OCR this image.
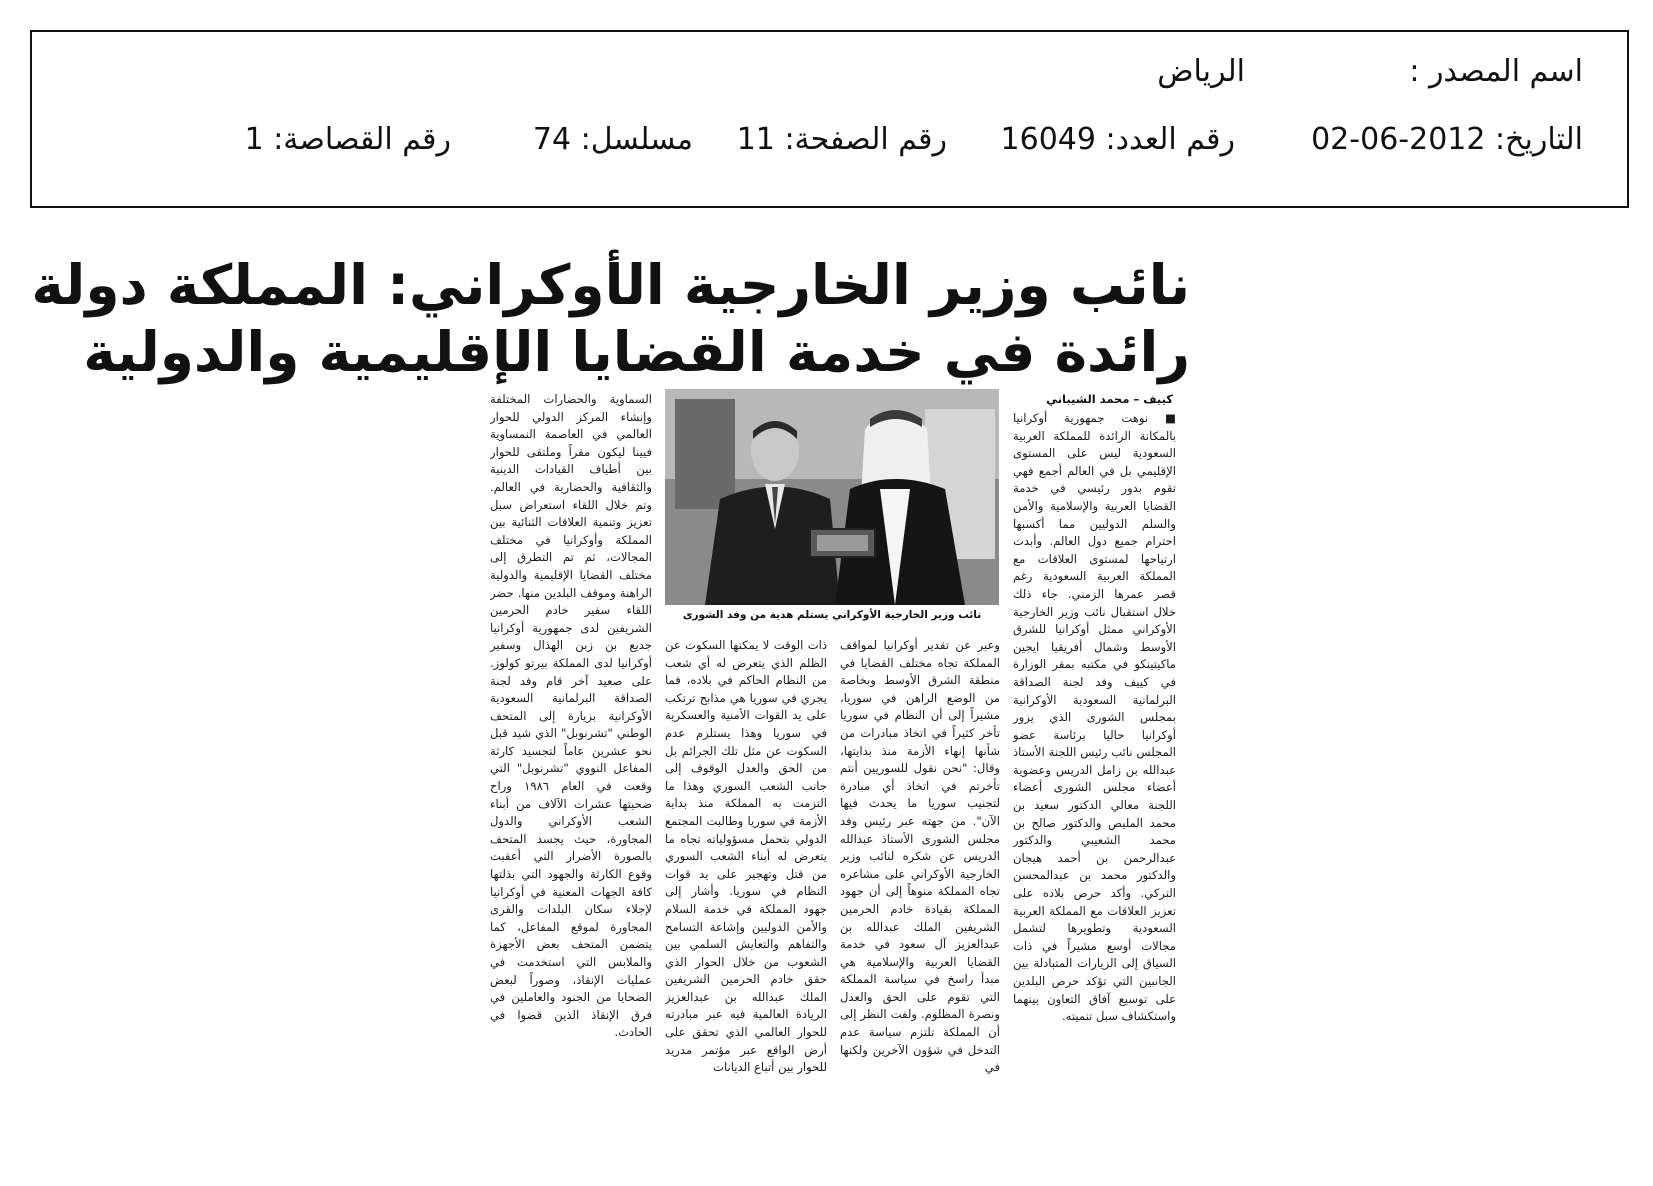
اسم المصدر :
الرياض
التاريخ: 2012-06-02
رقم العدد: 16049
رقم الصفحة: 11
مسلسل: 74
رقم القصاصة: 1
نائب وزير الخارجية الأوكراني: المملكة دولة
رائدة في خدمة القضايا الإقليمية والدولية
كييف – محمد الشيباني

■ نوهت جمهورية أوكرانيا بالمكانة الرائدة للمملكة العربية السعودية ليس على المستوى الإقليمي بل في العالم أجمع فهي تقوم بدور رئيسي في خدمة القضايا العربية والإسلامية والأمن والسلم الدوليين مما أكسبها احترام جميع دول العالم. وأبدت ارتياحها لمستوى العلاقات مع المملكة العربية السعودية رغم قصر عمرها الزمني. جاء ذلك خلال استقبال نائب وزير الخارجية الأوكراني ممثل أوكرانيا للشرق الأوسط وشمال أفريقيا ايجين ماكيتينكو في مكتبه بمقر الوزارة في كييف وفد لجنة الصداقة البرلمانية السعودية الأوكرانية بمجلس الشورى الذي يزور أوكرانيا حاليا برئاسة عضو المجلس نائب رئيس اللجنة الأستاذ عبدالله بن زامل الدريس وعضوية أعضاء مجلس الشورى أعضاء اللجنة معالي الدكتور سعيد بن محمد المليص والدكتور صالح بن محمد الشعيبي والدكتور عبدالرحمن بن أحمد هيجان والدكتور محمد بن عبدالمحسن التركي. وأكد حرص بلاده على تعزيز العلاقات مع المملكة العربية السعودية وتطويرها لتشمل مجالات أوسع مشيراً في ذات السياق إلى الزيارات المتبادلة بين الجانبين التي تؤكد حرص البلدين على توسيع آفاق التعاون بينهما واستكشاف سبل تنميته.

وعبر عن تقدير أوكرانيا لمواقف المملكة تجاه مختلف القضايا في منطقة الشرق الأوسط وبخاصة من الوضع الراهن في سوريا، مشيراً إلى أن النظام في سوريا تأخر كثيراً في اتخاذ مبادرات من شأنها إنهاء الأزمة منذ بدايتها، وقال: "نحن نقول للسوريين أنتم تأخرتم في اتخاذ أي مبادرة لتجنيب سوريا ما يحدث فيها الآن". من جهته عبر رئيس وفد مجلس الشورى الأستاذ عبدالله الدريس عن شكره لنائب وزير الخارجية الأوكراني على مشاعره تجاه المملكة منوهاً إلى أن جهود المملكة بقيادة خادم الحرمين الشريفين الملك عبدالله بن عبدالعزيز آل سعود في خدمة القضايا العربية والإسلامية هي مبدأ راسخ في سياسة المملكة التي تقوم على الحق والعدل ونصرة المظلوم. ولفت النظر إلى أن المملكة تلتزم سياسة عدم التدخل في شؤون الآخرين ولكنها في

ذات الوقت لا يمكنها السكوت عن الظلم الذي يتعرض له أي شعب من النظام الحاكم في بلاده، فما يجري في سوريا هي مذابح ترتكب على يد القوات الأمنية والعسكرية في سوريا وهذا يستلزم عدم السكوت عن مثل تلك الجرائم بل من الحق والعدل الوقوف إلى جانب الشعب السوري وهذا ما التزمت به المملكة منذ بداية الأزمة في سوريا وطالبت المجتمع الدولي بتحمل مسؤولياته تجاه ما يتعرض له أبناء الشعب السوري من قتل وتهجير على يد قوات النظام في سوريا. وأشار إلى جهود المملكة في خدمة السلام والأمن الدوليين وإشاعة التسامح والتفاهم والتعايش السلمي بين الشعوب من خلال الحوار الذي حقق خادم الحرمين الشريفين الملك عبدالله بن عبدالعزيز الريادة العالمية فيه عبر مبادرته للحوار العالمي الذي تحقق على أرض الواقع عبر مؤتمر مدريد للحوار بين أتباع الديانات

السماوية والحضارات المختلفة وإنشاء المركز الدولي للحوار العالمي في العاصمة النمساوية فيينا ليكون مقراً وملتقى للحوار بين أطياف القيادات الدينية والثقافية والحضارية في العالم. وتم خلال اللقاء استعراض سبل تعزيز وتنمية العلاقات الثنائية بين المملكة وأوكرانيا في مختلف المجالات، ثم تم التطرق إلى مختلف القضايا الإقليمية والدولية الراهنة وموقف البلدين منها. حضر اللقاء سفير خادم الحرمين الشريفين لدى جمهورية أوكرانيا جديع بن زبن الهذال وسفير أوكرانيا لدى المملكة بيرتو كولوز. على صعيد آخر قام وفد لجنة الصداقة البرلمانية السعودية الأوكرانية بزيارة إلى المتحف الوطني "تشرنوبل" الذي شيد قبل نحو عشرين عاماً لتجسيد كارثة المفاعل النووي "تشرنوبل" التي وقعت في العام ١٩٨٦ وراح ضحيتها عشرات الآلاف من أبناء الشعب الأوكراني والدول المجاورة، حيث يجسد المتحف بالصورة الأضرار التي أعقبت وقوع الكارثة والجهود التي بذلتها كافة الجهات المعنية في أوكرانيا لإجلاء سكان البلدات والقرى المجاورة لموقع المفاعل، كما يتضمن المتحف بعض الأجهزة والملابس التي استخدمت في عمليات الإنقاذ، وصوراً لبعض الضحايا من الجنود والعاملين في فرق الإنقاذ الذين قضوا في الحادث.

نائب وزير الخارجية الأوكراني يستلم هدية من وفد الشورى
